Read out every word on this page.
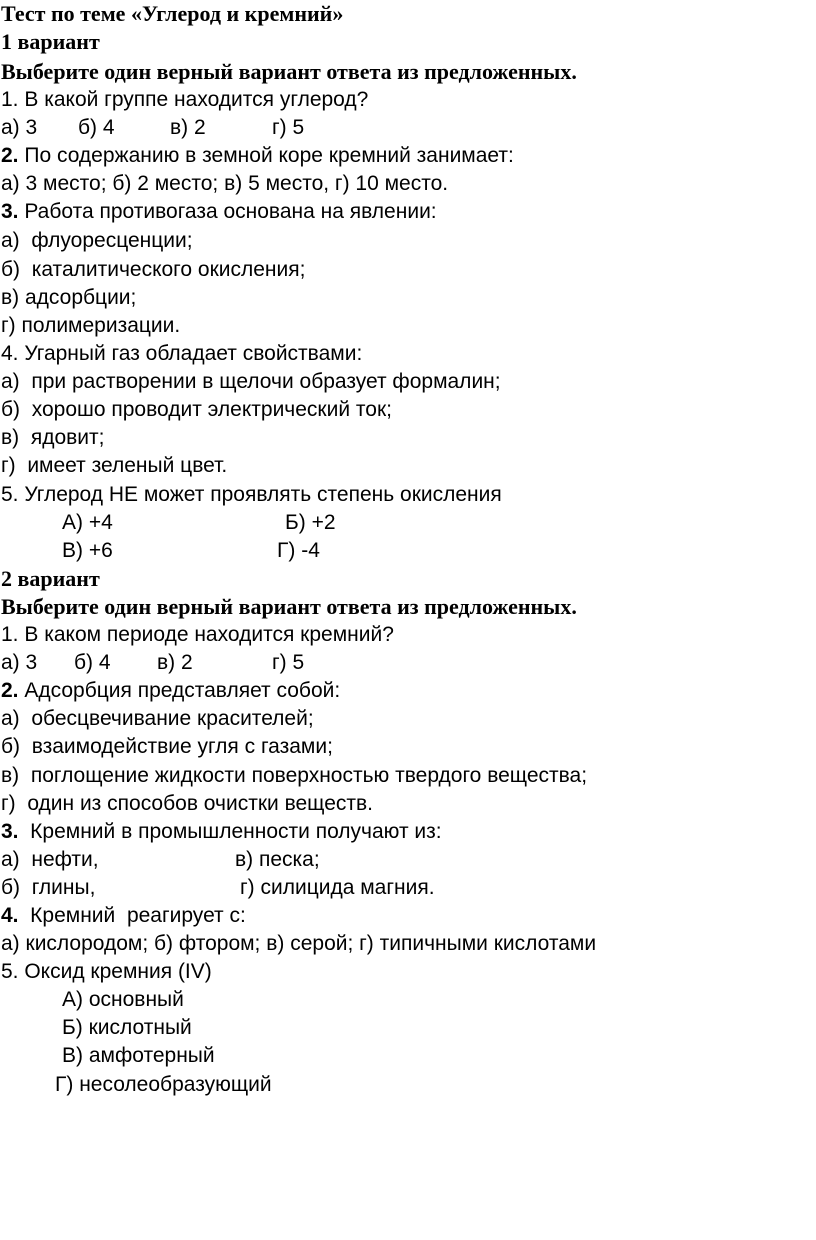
Тест по теме «Углерод и кремний»
1 вариант
Выберите один верный вариант ответа из предложенных.
1. В какой группе находится углерод?
а) 3 б) 4	в) 2	г) 5
2. По содержанию в земной коре кремний занимает:
а) 3 место; б) 2 место; в) 5 место, г) 10 место.
3. Работа противогаза основана на явлении:
а)  флуоресценции;
б)  каталитического окисления;
в) адсорбции;
г) полимеризации.
4. Угарный газ обладает свойствами:
а)  при растворении в щелочи образует формалин;
б)  хорошо проводит электрический ток;
в)  ядовит;
г)  имеет зеленый цвет.
5. Углерод НЕ может проявлять степень окисления
А) +4	Б) +2
В) +6	Г) -4
2 вариант
Выберите один верный вариант ответа из предложенных.
1. В каком периоде находится кремний?
а) 3 б) 4 в) 2	г) 5
2. Адсорбция представляет собой:
а)  обесцвечивание красителей;
б)  взаимодействие угля с газами;
в)  поглощение жидкости поверхностью твердого вещества;
г)  один из способов очистки веществ.
3.  Кремний в промышленности получают из:
а)  нефти,	в) песка;
б)  глины,	г) силицида магния.
4.  Кремний  реагирует с:
а) кислородом; б) фтором; в) серой; г) типичными кислотами
5. Оксид кремния (IV)
А) основный
Б) кислотный
В) амфотерный
Г) несолеобразующий
